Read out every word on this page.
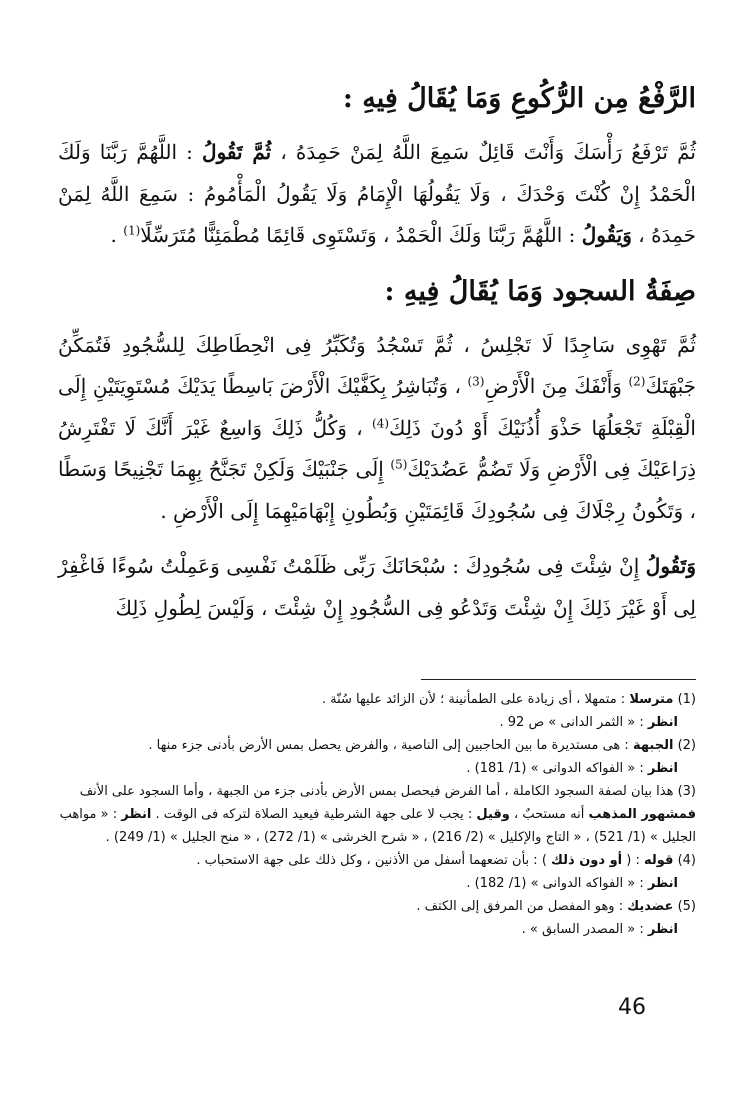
الرَّفْعُ مِن الرُّكُوعِ وَمَا يُقَالُ فِيهِ :

ثُمَّ تَرْفَعُ رَأْسَكَ وَأَنْتَ قَائِلٌ سَمِعَ اللَّهُ لِمَنْ حَمِدَهُ ، ثُمَّ تَقُولُ : اللَّهُمَّ رَبَّنَا وَلَكَ الْحَمْدُ إِنْ كُنْتَ وَحْدَكَ ، وَلَا يَقُولُهَا الْإِمَامُ وَلَا يَقُولُ الْمَأْمُومُ : سَمِعَ اللَّهُ لِمَنْ حَمِدَهُ ، وَيَقُولُ : اللَّهُمَّ رَبَّنَا وَلَكَ الْحَمْدُ ، وَتَسْتَوِى قَائِمًا مُطْمَئِنًّا مُتَرَسِّلًا$^{(1)}$ .

صِفَةُ السجود وَمَا يُقَالُ فِيهِ :

ثُمَّ تَهْوِى سَاجِدًا لَا تَجْلِسُ ، ثُمَّ تَسْجُدُ وَتُكَبِّرُ فِى انْحِطَاطِكَ لِلسُّجُودِ فَتُمَكِّنُ جَبْهَتَكَ$^{(2)}$ وَأَنْفَكَ مِنَ الْأَرْضِ$^{(3)}$ ، وَتُبَاشِرُ بِكَفَّيْكَ الْأَرْضَ بَاسِطًا يَدَيْكَ مُسْتَوِيَتَيْنِ إِلَى الْقِبْلَةِ تَجْعَلُهَا حَذْوَ أُذُنَيْكَ أَوْ دُونَ ذَلِكَ$^{(4)}$ ، وَكُلُّ ذَلِكَ وَاسِعٌ غَيْرَ أَنَّكَ لَا تَفْتَرِشُ ذِرَاعَيْكَ فِى الْأَرْضِ وَلَا تَضُمُّ عَضُدَيْكَ$^{(5)}$ إِلَى جَنْبَيْكَ وَلَكِنْ تَجَنَّحُ بِهِمَا تَجْنِيحًا وَسَطًا ، وَتَكُونُ رِجْلَاكَ فِى سُجُودِكَ قَائِمَتَيْنِ وَبُطُونِ إِبْهَامَيْهِمَا إِلَى الْأَرْضِ .

وَتَقُولُ إِنْ شِئْتَ فِى سُجُودِكَ : سُبْحَانَكَ رَبِّى ظَلَمْتُ نَفْسِى وَعَمِلْتُ سُوءًا فَاغْفِرْ لِى أَوْ غَيْرَ ذَلِكَ إِنْ شِئْتَ وَتَدْعُو فِى السُّجُودِ إِنْ شِئْتَ ، وَلَيْسَ لِطُولِ ذَلِكَ

(1) مترسلا : متمهلا ، أى زيادة على الطمأنينة ؛ لأن الزائد عليها سُنّة .

انظر : « الثمر الدانى » ص 92 .

(2) الجبهة : هى مستديرة ما بين الحاجبين إلى الناصية ، والفرض يحصل بمس الأرض بأدنى جزء منها .

انظر : « الفواكه الدوانى » (1/ 181) .

(3) هذا بيان لصفة السجود الكاملة ، أما الفرض فيحصل بمس الأرض بأدنى جزء من الجبهة ، وأما السجود على الأنف فمشهور المذهب أنه مستحبٌ ، وقيل : يجب لا على جهة الشرطية فيعيد الصلاة لتركه فى الوقت . انظر : « مواهب الجليل » (1/ 521) ، « التاج والإكليل » (2/ 216) ، « شرح الخرشى » (1/ 272) ، « منح الجليل » (1/ 249) .

(4) قوله : ( أو دون ذلك ) : بأن تضعهما أسفل من الأذنين ، وكل ذلك على جهة الاستحباب .

انظر : « الفواكه الدوانى » (1/ 182) .

(5) عضديك : وهو المفصل من المرفق إلى الكتف .

انظر : « المصدر السابق » .

46
